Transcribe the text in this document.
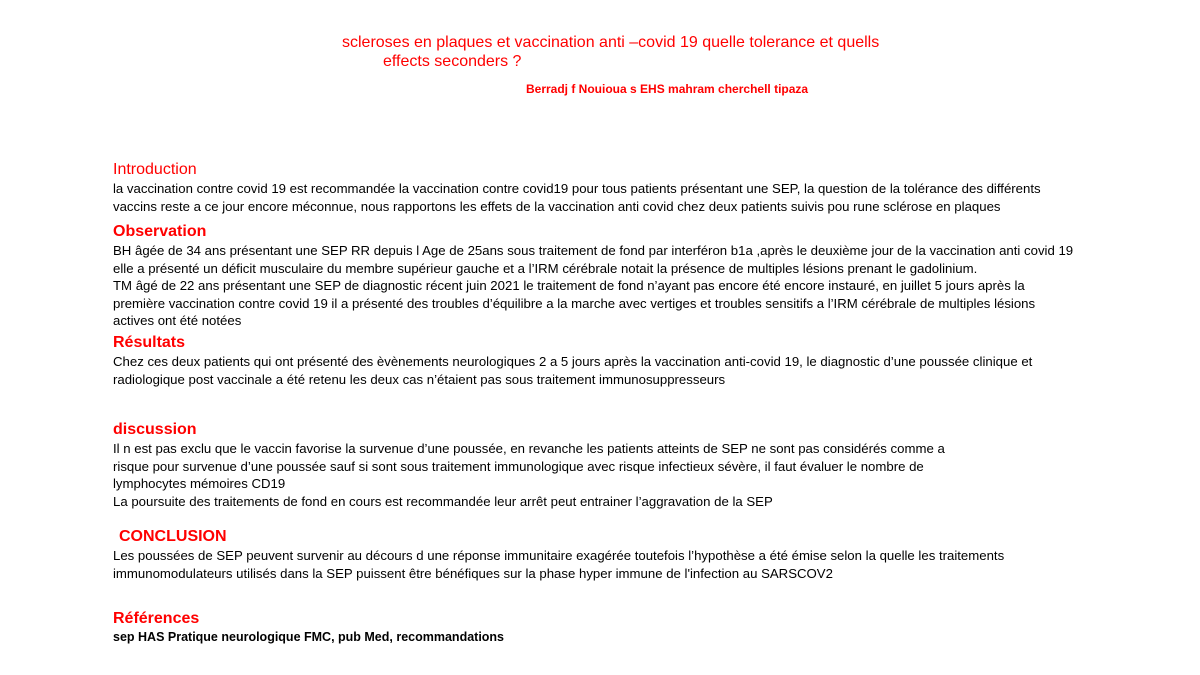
scleroses en plaques et vaccination anti –covid 19 quelle tolerance et quells
effects seconders ?
Berradj f Nouioua s EHS mahram cherchell tipaza
Introduction
la vaccination contre covid 19 est recommandée la vaccination contre covid19 pour tous patients présentant une SEP, la question de la tolérance des différents
vaccins reste a ce jour encore méconnue, nous rapportons les effets de la vaccination anti covid chez deux patients suivis pou rune sclérose en plaques
Observation
BH âgée de 34 ans présentant une SEP RR depuis l Age de 25ans sous traitement de fond par interféron b1a ,après le deuxième jour de la vaccination anti covid 19
elle a présenté un déficit musculaire du membre supérieur gauche et a l’IRM cérébrale notait la présence de multiples lésions prenant le gadolinium.
TM âgé de 22 ans présentant une SEP de diagnostic récent juin 2021 le traitement de fond n’ayant pas encore été encore instauré, en juillet 5 jours après la
première vaccination contre covid 19 il a présenté des troubles d’équilibre a la marche avec vertiges et troubles sensitifs a l’IRM cérébrale de multiples lésions
actives ont été notées
Résultats
Chez ces deux patients qui ont présenté des èvènements neurologiques 2 a 5 jours après la vaccination anti-covid 19, le diagnostic d’une poussée clinique et
radiologique post vaccinale a été retenu les deux cas n’étaient pas sous traitement immunosuppresseurs
discussion
Il n est pas exclu que le vaccin favorise la survenue d’une poussée, en revanche les patients atteints de SEP ne sont pas considérés comme a
risque pour survenue d’une poussée sauf si sont sous traitement immunologique avec risque infectieux sévère, il faut évaluer le nombre de
lymphocytes mémoires CD19
La poursuite des traitements de fond en cours est recommandée leur arrêt peut entrainer l’aggravation de la SEP
CONCLUSION
Les poussées de SEP peuvent survenir au décours d une réponse immunitaire exagérée toutefois l’hypothèse a été émise selon la quelle les traitements
immunomodulateurs utilisés dans la SEP puissent être bénéfiques sur la phase hyper immune de l'infection au SARSCOV2
Références
sep HAS Pratique neurologique FMC, pub Med, recommandations
